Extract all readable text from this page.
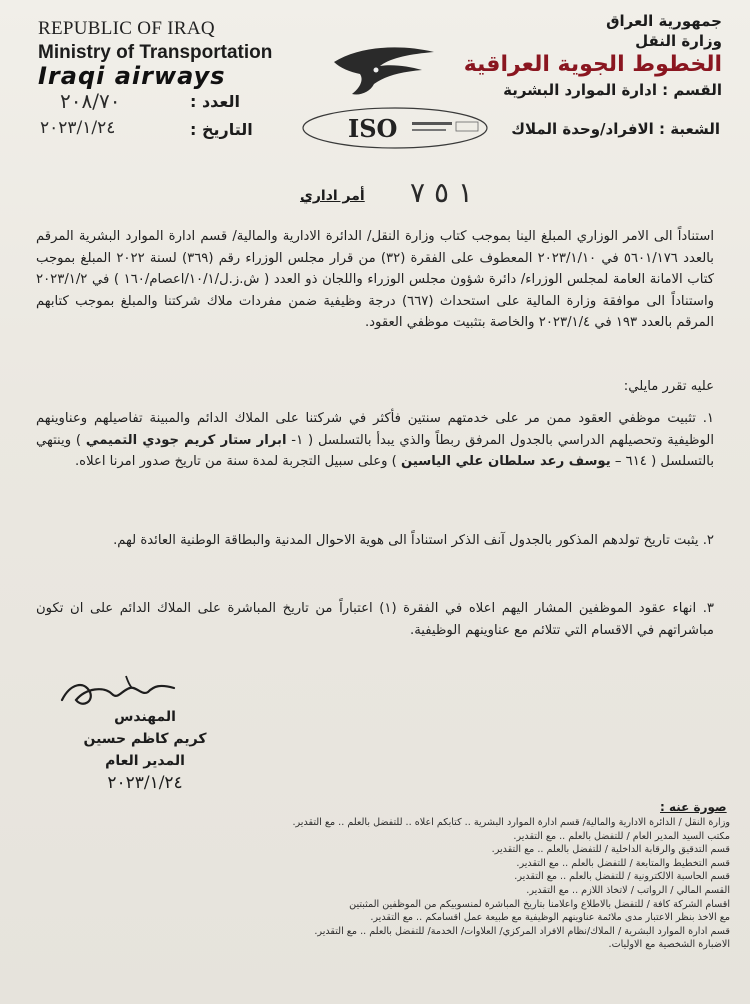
REPUBLIC OF IRAQ
Ministry of Transportation
Iraqi airways
٢٠٨/٧٠	العدد :
٢٠٢٣/١/٢٤	التاريخ :	ISO
جمهورية العراق
وزارة النقل
الخطوط الجوية العراقية
القسم : ادارة الموارد البشرية
الشعبة : الافراد/وحدة الملاك
أمر اداري ١ ٥ ٧
استناداً الى الامر الوزاري المبلغ الينا بموجب كتاب وزارة النقل/ الدائرة الادارية والمالية/ قسم ادارة الموارد البشرية المرقم بالعدد ٥٦٠١/١٧٦ في ٢٠٢٣/١/١٠ المعطوف على الفقرة (٣٢) من قرار مجلس الوزراء رقم (٣٦٩) لسنة ٢٠٢٢ المبلغ بموجب كتاب الامانة العامة لمجلس الوزراء/ دائرة شؤون مجلس الوزراء واللجان ذو العدد ( ش.ز.ل/١٠/١/اعصام/١٦٠ ) في ٢٠٢٣/١/٢ واستناداً الى موافقة وزارة المالية على استحداث (٦٦٧) درجة وظيفية ضمن مفردات ملاك شركتنا والمبلغ بموجب كتابهم المرقم بالعدد ١٩٣ في ٢٠٢٣/١/٤ والخاصة بتثبيت موظفي العقود.
عليه تقرر مايلي:
١. تثبيت موظفي العقود ممن مر على خدمتهم سنتين فأكثر في شركتنا على الملاك الدائم والمبينة تفاصيلهم وعناوينهم الوظيفية وتحصيلهم الدراسي بالجدول المرفق ربطاً والذي يبدأ بالتسلسل ( ١- ابرار ستار كريم جودي التميمي ) وينتهي بالتسلسل ( ٦١٤ – يوسف رعد سلطان علي الياسين ) وعلى سبيل التجربة لمدة سنة من تاريخ صدور امرنا اعلاه.
٢. يثبت تاريخ تولدهم المذكور بالجدول آنف الذكر استناداً الى هوية الاحوال المدنية والبطاقة الوطنية العائدة لهم.
٣. انهاء عقود الموظفين المشار اليهم اعلاه في الفقرة (١) اعتباراً من تاريخ المباشرة على الملاك الدائم على ان تكون مباشراتهم في الاقسام التي تتلائم مع عناوينهم الوظيفية.
المهندس
كريم كاظم حسين
المدير العام
٢٠٢٣/١/٢٤
صورة عنه :
وزارة النقل / الدائرة الادارية والمالية/ قسم ادارة الموارد البشرية .. كتابكم اعلاه .. للتفضل بالعلم .. مع التقدير.
مكتب السيد المدير العام / للتفضل بالعلم .. مع التقدير.
قسم التدقيق والرقابة الداخلية / للتفضل بالعلم .. مع التقدير.
قسم التخطيط والمتابعة / للتفضل بالعلم .. مع التقدير.
قسم الحاسبة الالكترونية / للتفضل بالعلم .. مع التقدير.
القسم المالي / الرواتب / لاتخاذ اللازم .. مع التقدير.
اقسام الشركة كافة / للتفضل بالاطلاع واعلامنا بتاريخ المباشرة لمنسوبيكم من الموظفين المثبتين
مع الاخذ بنظر الاعتبار مدى ملائمة عناوينهم الوظيفية مع طبيعة عمل اقسامكم .. مع التقدير.
قسم ادارة الموارد البشرية / الملاك/نظام الافراد المركزي/ العلاوات/ الخدمة/ للتفضل بالعلم .. مع التقدير.
الاضبارة الشخصية مع الاوليات.
